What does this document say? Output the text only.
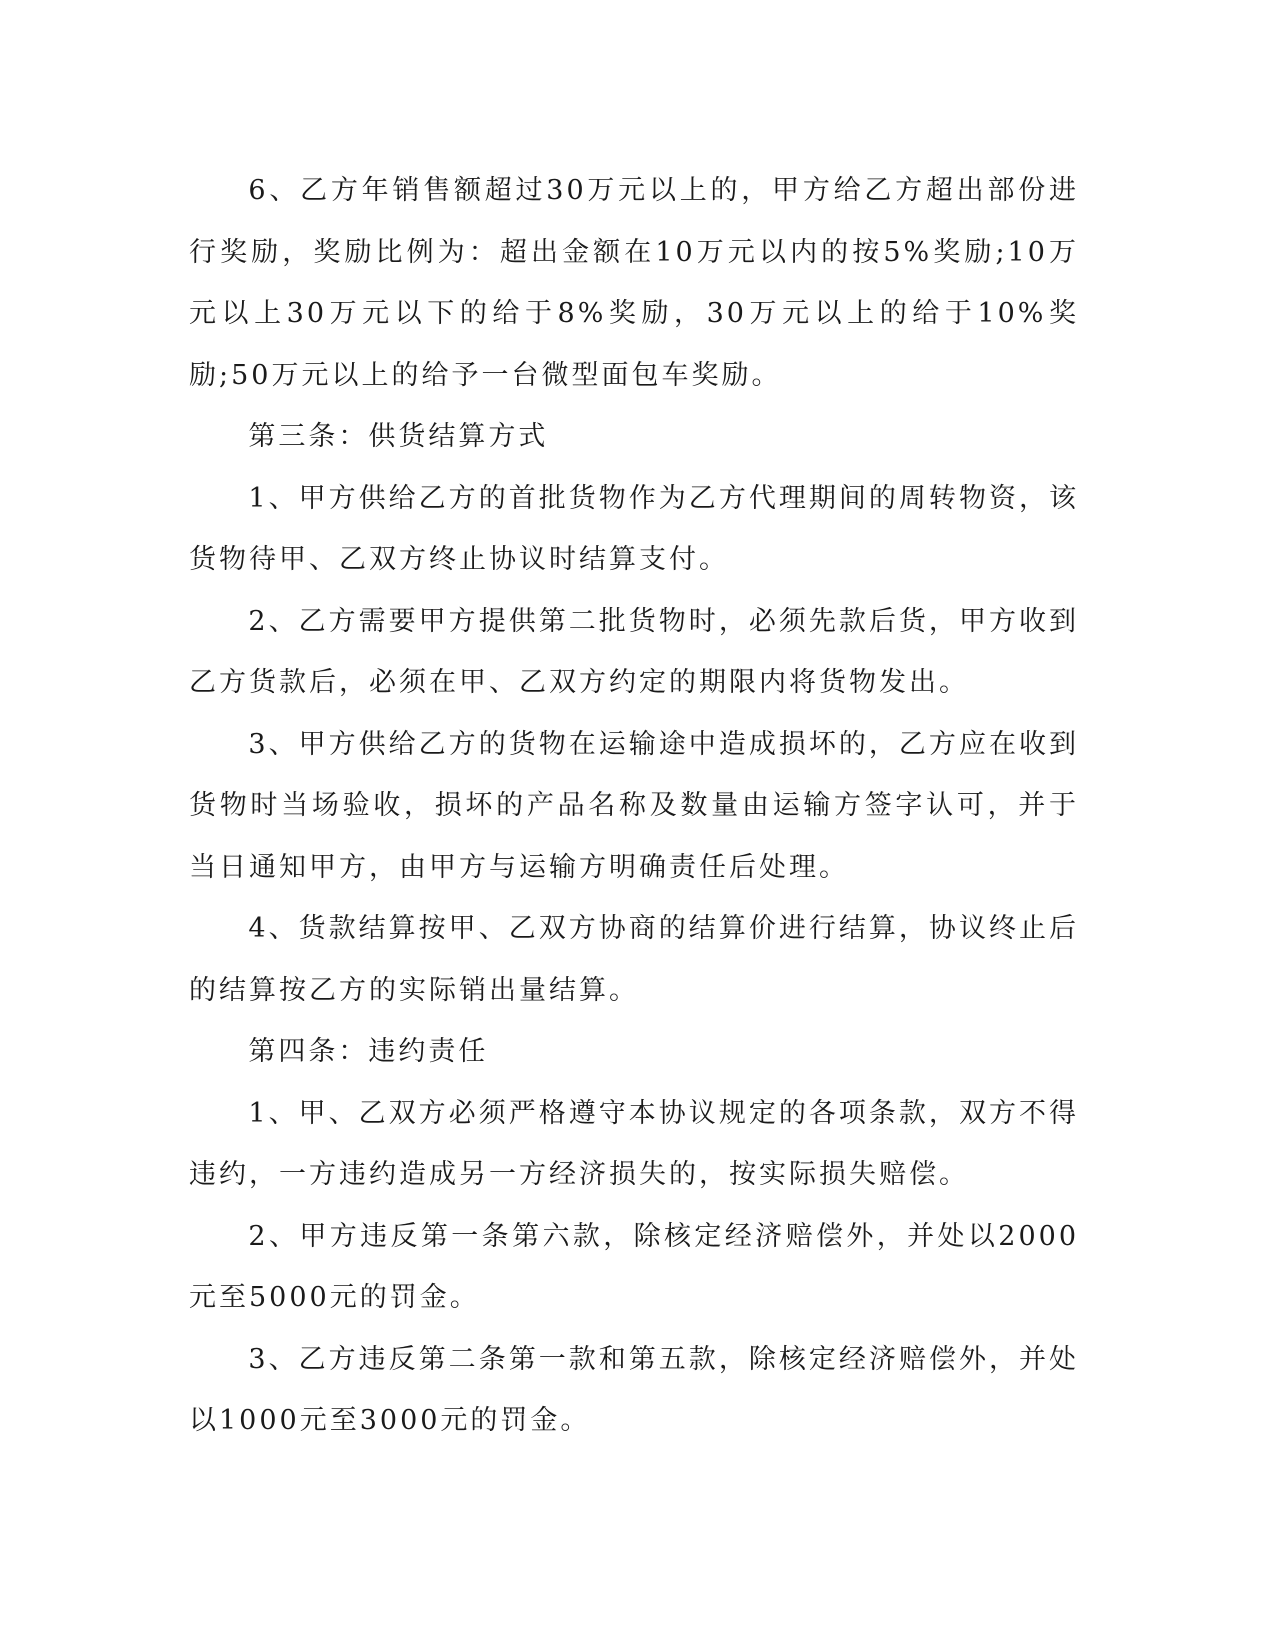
6、乙方年销售额超过30万元以上的，甲方给乙方超出部份进行奖励，奖励比例为：超出金额在10万元以内的按5%奖励;10万元以上30万元以下的给于8%奖励，30万元以上的给于10%奖励;50万元以上的给予一台微型面包车奖励。

第三条：供货结算方式

1、甲方供给乙方的首批货物作为乙方代理期间的周转物资，该货物待甲、乙双方终止协议时结算支付。

2、乙方需要甲方提供第二批货物时，必须先款后货，甲方收到乙方货款后，必须在甲、乙双方约定的期限内将货物发出。

3、甲方供给乙方的货物在运输途中造成损坏的，乙方应在收到货物时当场验收，损坏的产品名称及数量由运输方签字认可，并于当日通知甲方，由甲方与运输方明确责任后处理。

4、货款结算按甲、乙双方协商的结算价进行结算，协议终止后的结算按乙方的实际销出量结算。

第四条：违约责任

1、甲、乙双方必须严格遵守本协议规定的各项条款，双方不得违约，一方违约造成另一方经济损失的，按实际损失赔偿。

2、甲方违反第一条第六款，除核定经济赔偿外，并处以2000元至5000元的罚金。

3、乙方违反第二条第一款和第五款，除核定经济赔偿外，并处以1000元至3000元的罚金。
